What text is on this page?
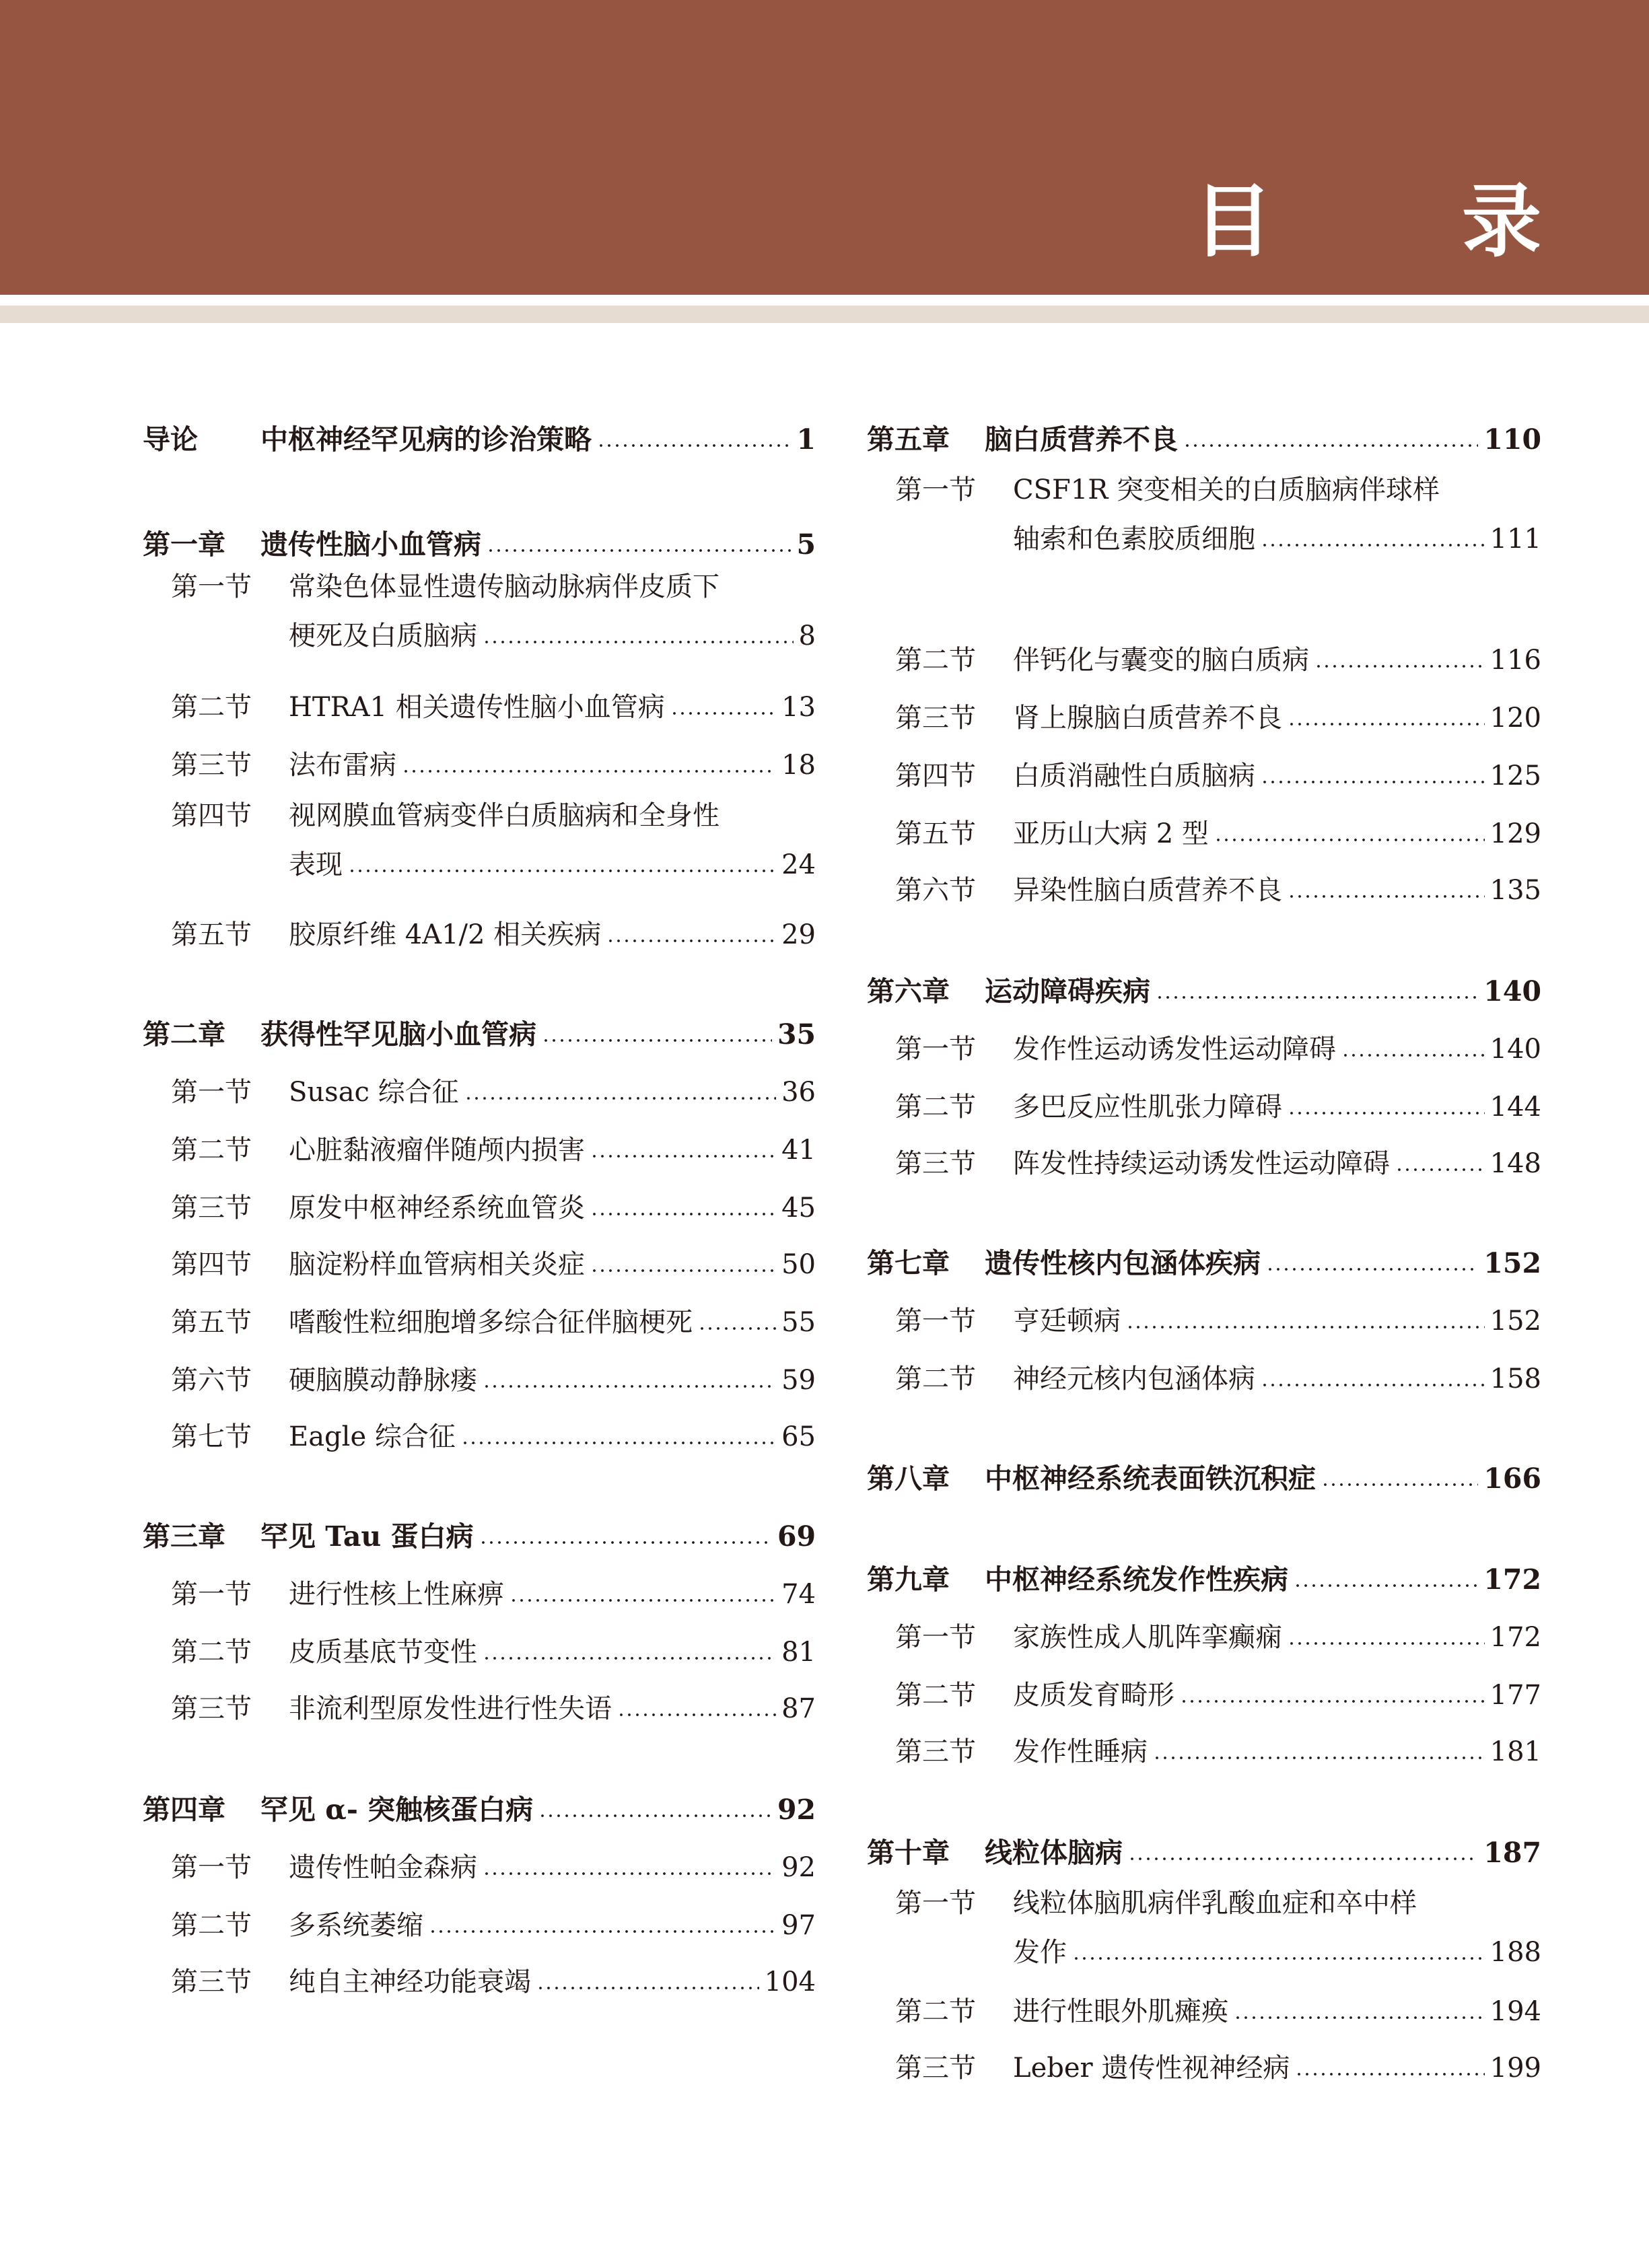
目 录
导论	中枢神经罕见病的诊治策略	1
第一章	遗传性脑小血管病	5
第一节	常染色体显性遗传脑动脉病伴皮质下
梗死及白质脑病	8
第二节	HTRA1 相关遗传性脑小血管病	13
第三节	法布雷病	18
第四节	视网膜血管病变伴白质脑病和全身性
表现	24
第五节	胶原纤维 4A1/2 相关疾病	29
第二章	获得性罕见脑小血管病	35
第一节	Susac 综合征	36
第二节	心脏黏液瘤伴随颅内损害	41
第三节	原发中枢神经系统血管炎	45
第四节	脑淀粉样血管病相关炎症	50
第五节	嗜酸性粒细胞增多综合征伴脑梗死	55
第六节	硬脑膜动静脉瘘	59
第七节	Eagle 综合征	65
第三章	罕见 Tau 蛋白病	69
第一节	进行性核上性麻痹	74
第二节	皮质基底节变性	81
第三节	非流利型原发性进行性失语	87
第四章	罕见 α- 突触核蛋白病	92
第一节	遗传性帕金森病	92
第二节	多系统萎缩	97
第三节	纯自主神经功能衰竭	104
第五章	脑白质营养不良	110
第一节	CSF1R 突变相关的白质脑病伴球样
轴索和色素胶质细胞	111
第二节	伴钙化与囊变的脑白质病	116
第三节	肾上腺脑白质营养不良	120
第四节	白质消融性白质脑病	125
第五节	亚历山大病 2 型	129
第六节	异染性脑白质营养不良	135
第六章	运动障碍疾病	140
第一节	发作性运动诱发性运动障碍	140
第二节	多巴反应性肌张力障碍	144
第三节	阵发性持续运动诱发性运动障碍	148
第七章	遗传性核内包涵体疾病	152
第一节	亨廷顿病	152
第二节	神经元核内包涵体病	158
第八章	中枢神经系统表面铁沉积症	166
第九章	中枢神经系统发作性疾病	172
第一节	家族性成人肌阵挛癫痫	172
第二节	皮质发育畸形	177
第三节	发作性睡病	181
第十章	线粒体脑病	187
第一节	线粒体脑肌病伴乳酸血症和卒中样
发作	188
第二节	进行性眼外肌瘫痪	194
第三节	Leber 遗传性视神经病	199
